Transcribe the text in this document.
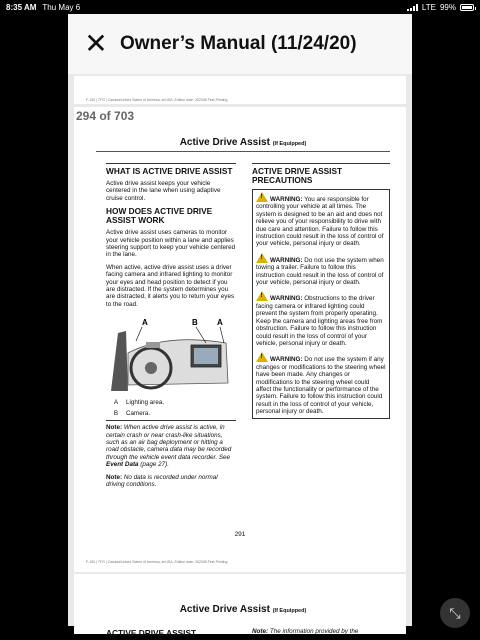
8:35 AM Thu May 6	LTE 99%
✕ Owner’s Manual (11/24/20)
F-150 | TFG | Canada/United States of America, enUSA, Edition date: 202008 First-Printing
Active Drive Assist (If Equipped)
WHAT IS ACTIVE DRIVE ASSIST
Active drive assist keeps your vehicle centered in the lane when using adaptive cruise control.
HOW DOES ACTIVE DRIVE ASSIST WORK
Active drive assist uses cameras to monitor your vehicle position within a lane and applies steering support to keep your vehicle centered in the lane.
When active, active drive assist uses a driver facing camera and infrared lighting to monitor your eyes and head position to detect if you are distracted. If the system determines you are distracted, it alerts you to return your eyes to the road.
A	B A
A	Lighting area.
B	Camera.
Note: When active drive assist is active, in certain crash or near crash-like situations, such as an air bag deployment or hitting a road obstacle, camera data may be recorded through the vehicle event data recorder. See Event Data (page 27).
Note: No data is recorded under normal driving conditions.
ACTIVE DRIVE ASSIST PRECAUTIONS
!WARNING: You are responsible for controlling your vehicle at all times. The system is designed to be an aid and does not relieve you of your responsibility to drive with due care and attention. Failure to follow this instruction could result in the loss of control of your vehicle, personal injury or death.
!WARNING: Do not use the system when towing a trailer. Failure to follow this instruction could result in the loss of control of your vehicle, personal injury or death.
!WARNING: Obstructions to the driver facing camera or infrared lighting could prevent the system from properly operating. Keep the camera and lighting areas free from obstruction. Failure to follow this instruction could result in the loss of control of your vehicle, personal injury or death.
!WARNING: Do not use the system if any changes or modifications to the steering wheel have been made. Any changes or modifications to the steering wheel could affect the functionality or performance of the system. Failure to follow this instruction could result in the loss of control of your vehicle, personal injury or death.
291
F-150 | TFG | Canada/United States of America, enUSA, Edition date: 202008 First-Printing
294 of 703
Active Drive Assist (If Equipped)
ACTIVE DRIVE ASSIST	Note: The information provided by the
⤡
